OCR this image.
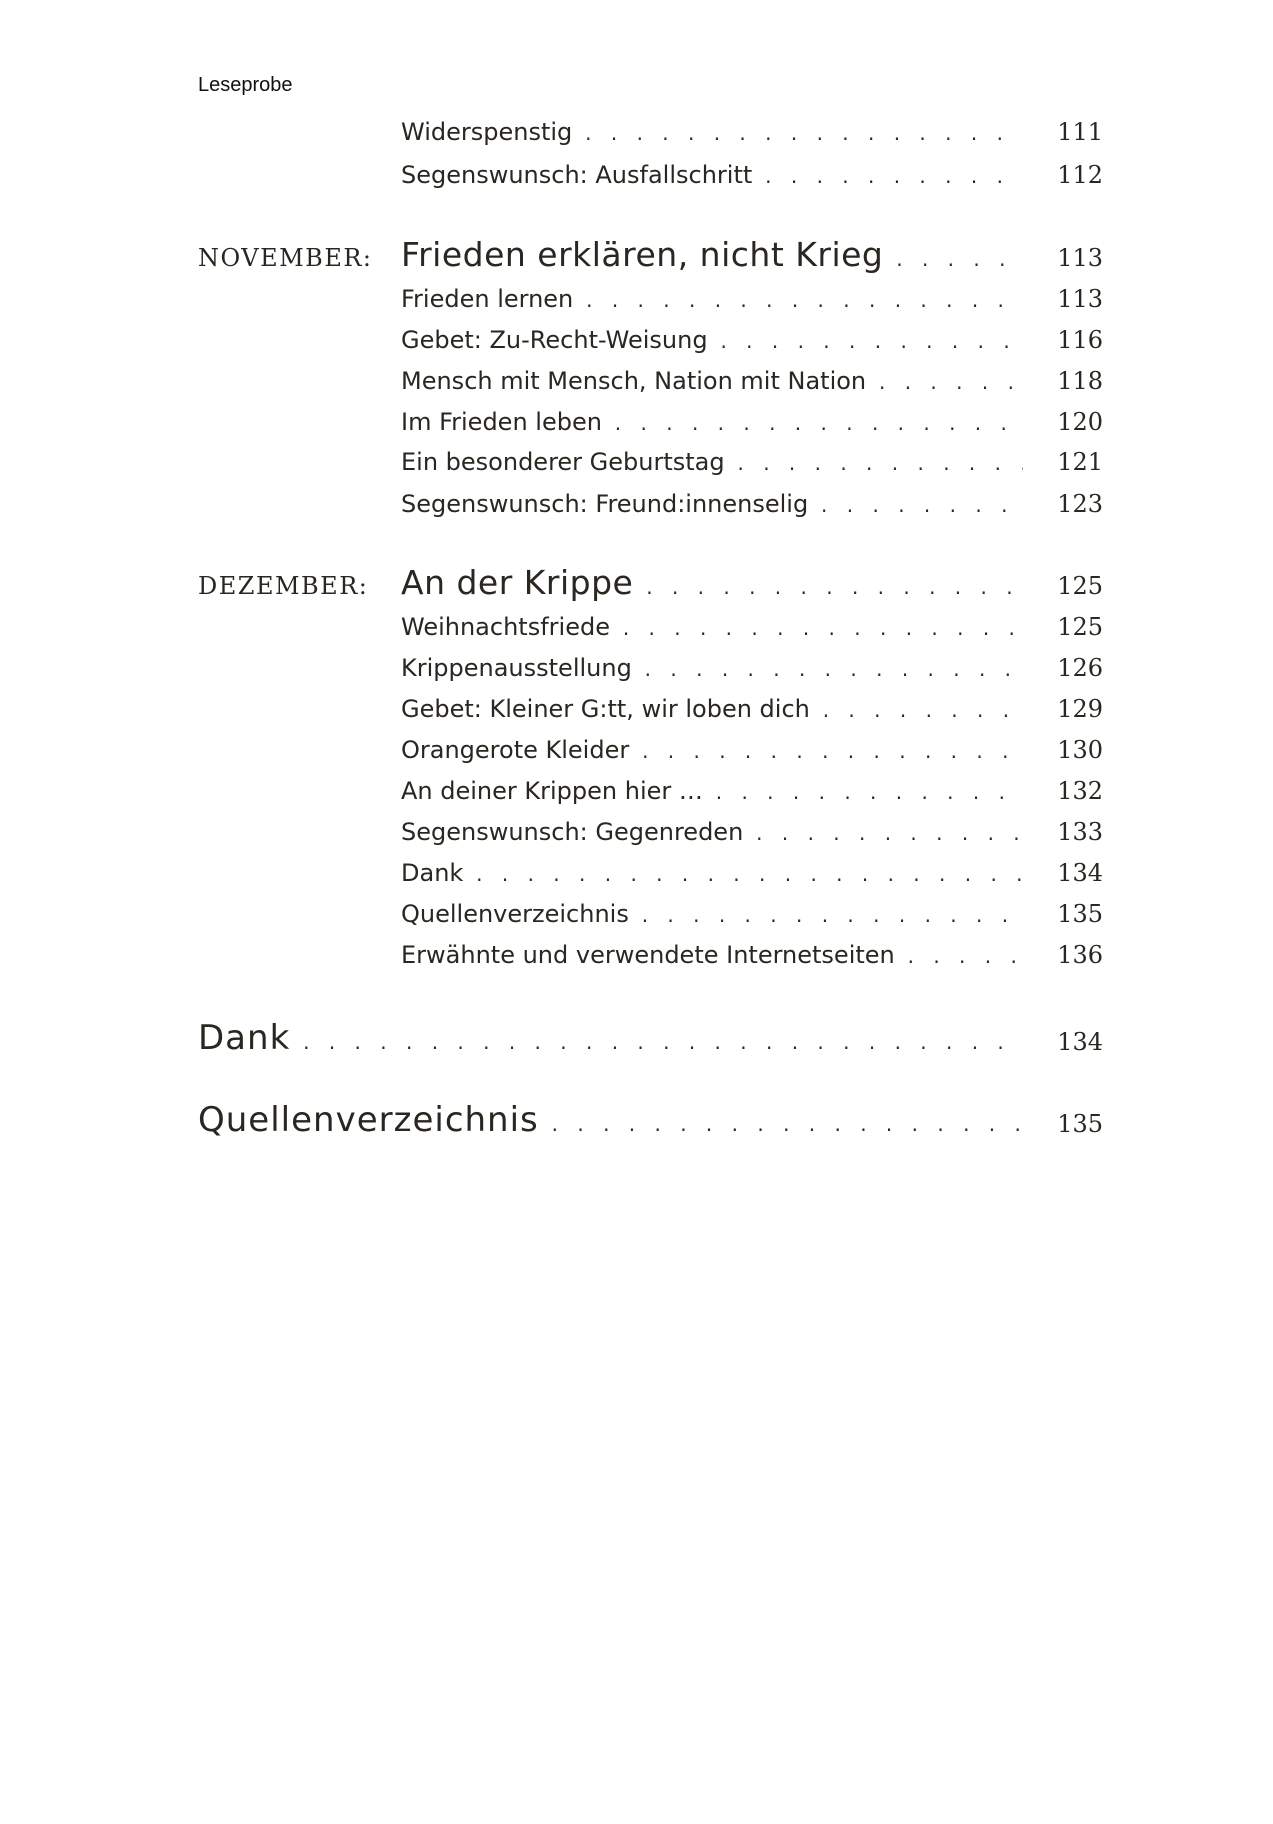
Leseprobe
Widerspenstig . . .	111
Segenswunsch: Ausfallschritt . . .	112
NOVEMBER: Frieden erklären, nicht Krieg . . .	113
Frieden lernen . . .	113
Gebet: Zu-Recht-Weisung . . .	116
Mensch mit Mensch, Nation mit Nation . . .	118
Im Frieden leben . . .	120
Ein besonderer Geburtstag . . .	121
Segenswunsch: Freund:innenselig . . .	123
DEZEMBER: An der Krippe . . .	125
Weihnachtsfriede . . .	125
Krippenausstellung . . .	126
Gebet: Kleiner G:tt, wir loben dich . . .	129
Orangerote Kleider . . .	130
An deiner Krippen hier … . . .	132
Segenswunsch: Gegenreden . . .	133
Dank . . .	134
Quellenverzeichnis . . .	135
Erwähnte und verwendete Internetseiten . . .	136
Dank . . .	134
Quellenverzeichnis . . .	135
